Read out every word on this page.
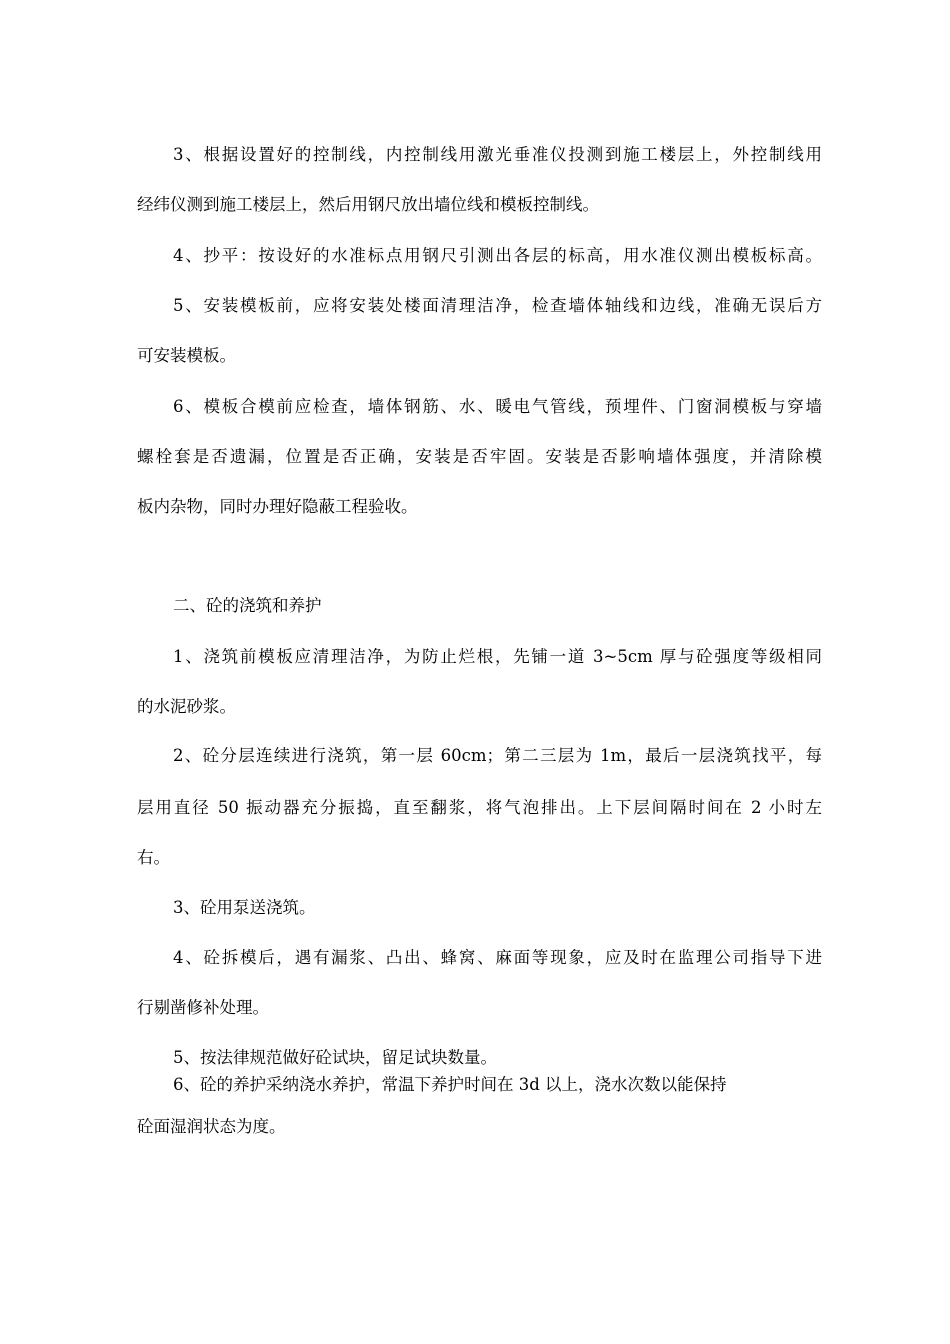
3、根据设置好的控制线，内控制线用激光垂准仪投测到施工楼层上，外控制线用
经纬仪测到施工楼层上，然后用钢尺放出墙位线和模板控制线。
4、抄平：按设好的水准标点用钢尺引测出各层的标高，用水准仪测出模板标高。
5、安装模板前，应将安装处楼面清理洁净，检查墙体轴线和边线，准确无误后方
可安装模板。
6、模板合模前应检查，墙体钢筋、水、暖电气管线，预埋件、门窗洞模板与穿墙
螺栓套是否遗漏，位置是否正确，安装是否牢固。安装是否影响墙体强度，并清除模
板内杂物，同时办理好隐蔽工程验收。
二、砼的浇筑和养护
1、浇筑前模板应清理洁净，为防止烂根，先铺一道 3~5cm 厚与砼强度等级相同
的水泥砂浆。
2、砼分层连续进行浇筑，第一层 60cm；第二三层为 1m，最后一层浇筑找平，每
层用直径 50 振动器充分振捣，直至翻浆，将气泡排出。上下层间隔时间在 2 小时左
右。
3、砼用泵送浇筑。
4、砼拆模后，遇有漏浆、凸出、蜂窝、麻面等现象，应及时在监理公司指导下进
行剔凿修补处理。
5、按法律规范做好砼试块，留足试块数量。
6、砼的养护采纳浇水养护，常温下养护时间在 3d 以上，浇水次数以能保持
砼面湿润状态为度。
